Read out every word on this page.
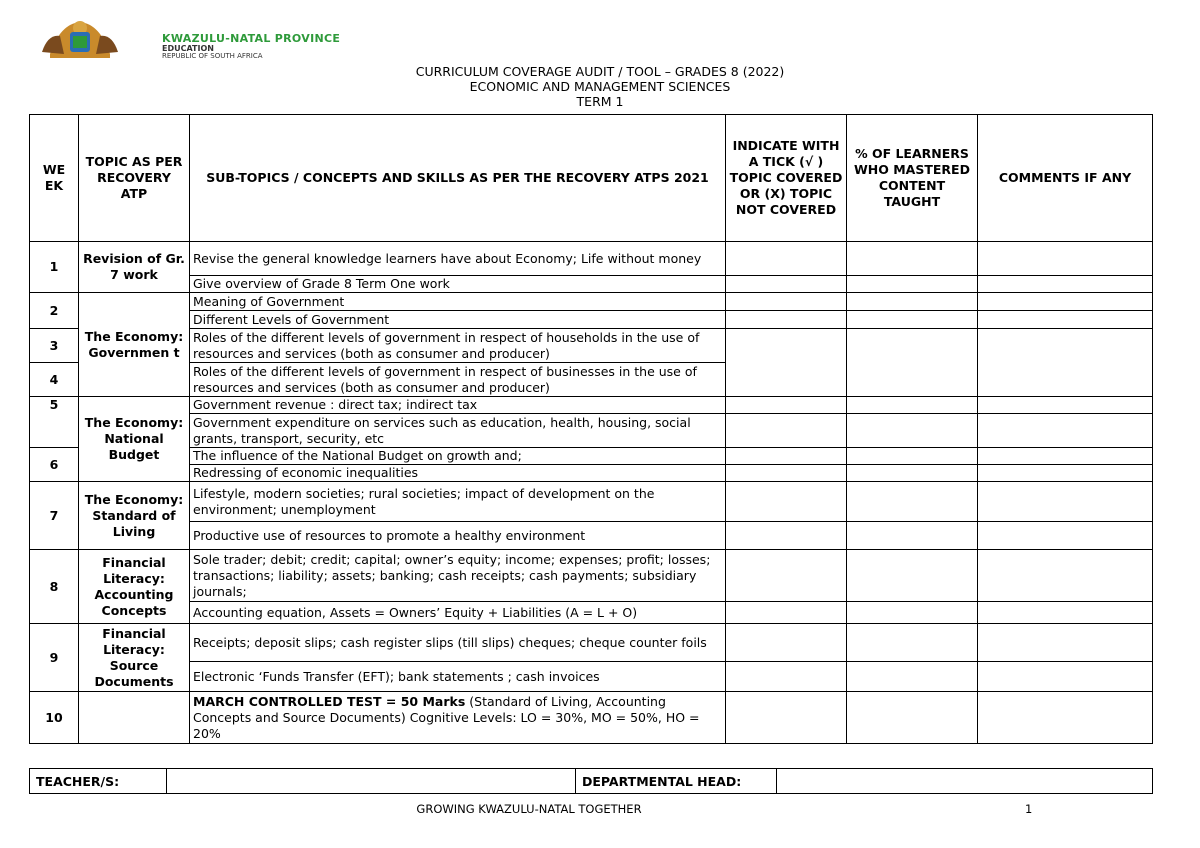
KWAZULU-NATAL PROVINCE
EDUCATION
REPUBLIC OF SOUTH AFRICA
CURRICULUM COVERAGE AUDIT / TOOL – GRADES 8 (2022)
ECONOMIC AND MANAGEMENT SCIENCES
TERM 1
WE EK	TOPIC AS PER RECOVERY ATP	SUB-TOPICS / CONCEPTS AND SKILLS AS PER THE RECOVERY ATPS 2021	INDICATE WITH A TICK (√ ) TOPIC COVERED OR (X) TOPIC NOT COVERED	% OF LEARNERS WHO MASTERED CONTENT TAUGHT	COMMENTS IF ANY
1	Revision of Gr. 7 work	Revise the general knowledge learners have about Economy; Life without money			
		Give overview of Grade 8 Term One work			
2	The Economy: Governmen t	Meaning of Government			
		Different Levels of Government			
3		Roles of the different levels of government in respect of households in the use of resources and services (both as consumer and producer)			
4		Roles of the different levels of government in respect of businesses in the use of resources and services (both as consumer and producer)			
5	The Economy: National Budget	Government revenue : direct tax; indirect tax			
		Government expenditure on services such as education, health, housing, social grants, transport, security, etc			
6		The influence of the National Budget on growth and;			
		Redressing of economic inequalities			
7	The Economy: Standard of Living	Lifestyle, modern societies; rural societies; impact of development on the environment; unemployment			
		Productive use of resources to promote a healthy environment			
8	Financial Literacy: Accounting Concepts	Sole trader; debit; credit; capital; owner’s equity; income; expenses; profit; losses; transactions; liability; assets; banking; cash receipts; cash payments; subsidiary journals;			
		Accounting equation, Assets = Owners’ Equity + Liabilities (A = L + O)			
9	Financial Literacy: Source Documents	Receipts; deposit slips; cash register slips (till slips) cheques; cheque counter foils			
		Electronic ‘Funds Transfer (EFT); bank statements ; cash invoices			
10		MARCH CONTROLLED TEST = 50 Marks (Standard of Living, Accounting Concepts and Source Documents) Cognitive Levels: LO = 30%, MO = 50%, HO = 20%			
TEACHER/S:		DEPARTMENTAL HEAD:	
GROWING KWAZULU-NATAL TOGETHER	1
